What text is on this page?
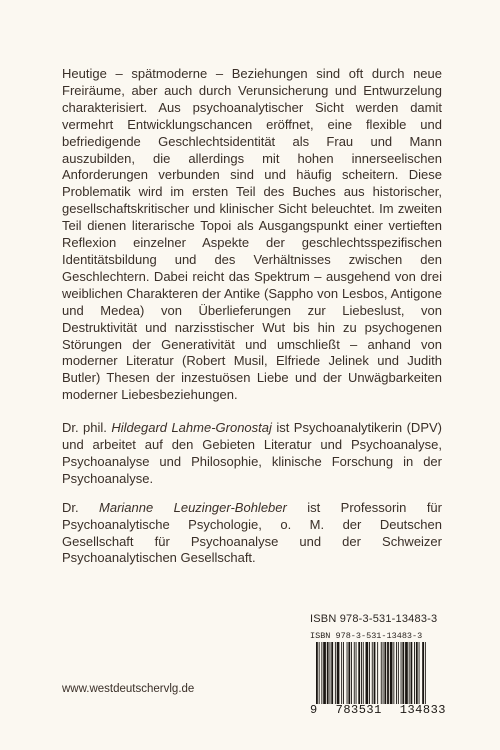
Heutige – spätmoderne – Beziehungen sind oft durch neue Freiräume, aber auch durch Verunsicherung und Entwurzelung charakterisiert. Aus psychoanalytischer Sicht werden damit vermehrt Entwicklungschancen eröffnet, eine flexible und befriedigende Geschlechtsidentität als Frau und Mann auszubilden, die allerdings mit hohen innerseelischen Anforderungen verbunden sind und häufig scheitern. Diese Problematik wird im ersten Teil des Buches aus historischer, gesellschaftskritischer und klinischer Sicht beleuchtet. Im zweiten Teil dienen literarische Topoi als Ausgangspunkt einer vertieften Reflexion einzelner Aspekte der geschlechtsspezifischen Identitätsbildung und des Verhältnisses zwischen den Geschlechtern. Dabei reicht das Spektrum – ausgehend von drei weiblichen Charakteren der Antike (Sappho von Lesbos, Antigone und Medea) von Überlieferungen zur Liebeslust, von Destruktivität und narzisstischer Wut bis hin zu psychogenen Störungen der Generativität und umschließt – anhand von moderner Literatur (Robert Musil, Elfriede Jelinek und Judith Butler) Thesen der inzestuösen Liebe und der Unwägbarkeiten moderner Liebesbeziehungen.

Dr. phil. Hildegard Lahme-Gronostaj ist Psychoanalytikerin (DPV) und arbeitet auf den Gebieten Literatur und Psychoanalyse, Psychoanalyse und Philosophie, klinische Forschung in der Psychoanalyse.

Dr. Marianne Leuzinger-Bohleber ist Professorin für Psychoanalytische Psychologie, o. M. der Deutschen Gesellschaft für Psychoanalyse und der Schweizer Psychoanalytischen Gesellschaft.

ISBN 978-3-531-13483-3
ISBN 978-3-531-13483-3
9 783531 134833
www.westdeutschervlg.de
